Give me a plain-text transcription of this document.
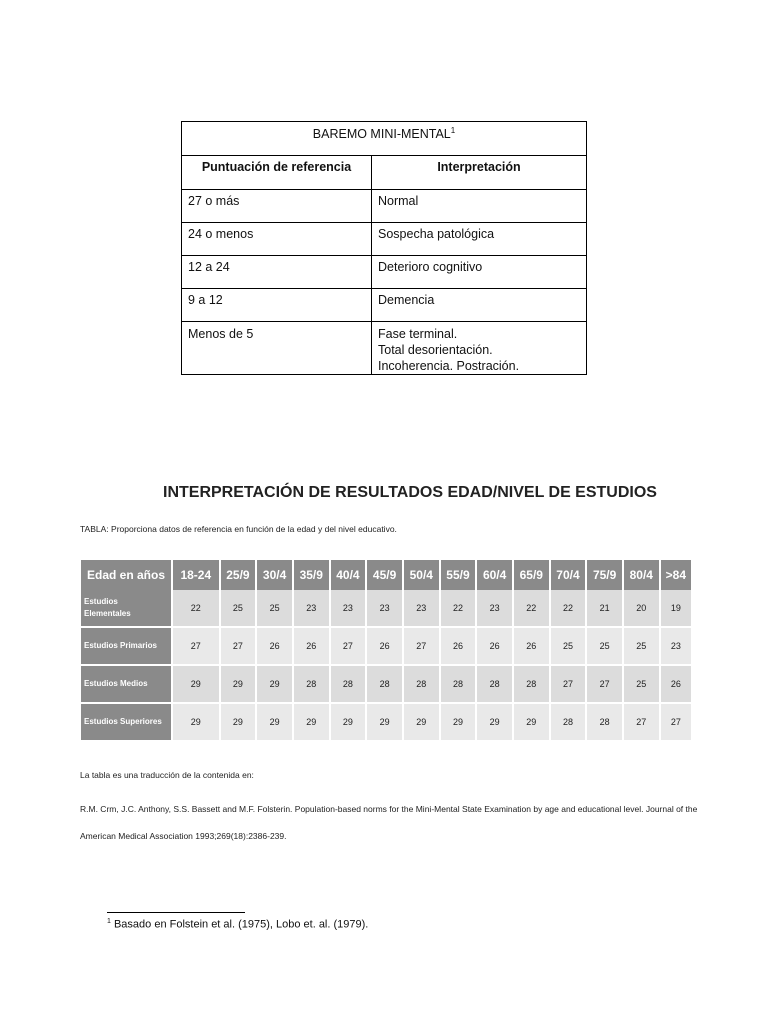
BAREMO MINI-MENTAL$^1$
Puntuación de referencia	Interpretación
27 o más	Normal
24 o menos	Sospecha patológica
12 a 24	Deterioro cognitivo
9 a 12	Demencia
Menos de 5	Fase terminal.
Total desorientación.
Incoherencia. Postración.
INTERPRETACIÓN DE RESULTADOS EDAD/NIVEL DE ESTUDIOS
TABLA: Proporciona datos de referencia en función de la edad y del nivel educativo.
Edad en años	18-24	25/9	30/4	35/9	40/4	45/9	50/4	55/9	60/4	65/9	70/4	75/9	80/4	>84

Estudios
Elementales	22	25	25	23	23	23	23	22	23	22	22	21	20	19

Estudios Primarios	27	27	26	26	27	26	27	26	26	26	25	25	25	23

Estudios Medios	29	29	29	28	28	28	28	28	28	28	27	27	25	26

Estudios Superiores	29	29	29	29	29	29	29	29	29	29	28	28	27	27
La tabla es una traducción de la contenida en:
R.M. Crm, J.C. Anthony, S.S. Bassett and M.F. Folsterin. Population-based norms for the Mini-Mental State Examination by age and educational level. Journal of the American Medical Association 1993;269(18):2386-239.
$^1$ Basado en Folstein et al. (1975), Lobo et. al. (1979).
